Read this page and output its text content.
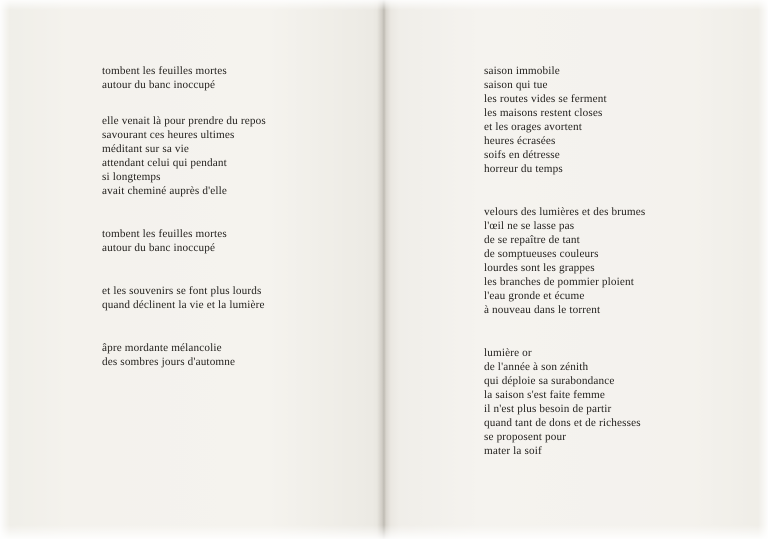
tombent les feuilles mortes
autour du banc inoccupé
elle venait là pour prendre du repos
savourant ces heures ultimes
méditant sur sa vie
attendant celui qui pendant
si longtemps
avait cheminé auprès d'elle
tombent les feuilles mortes
autour du banc inoccupé
et les souvenirs se font plus lourds
quand déclinent la vie et la lumière
âpre mordante mélancolie
des sombres jours d'automne
saison immobile
saison qui tue
les routes vides se ferment
les maisons restent closes
et les orages avortent
heures écrasées
soifs en détresse
horreur du temps
velours des lumières et des brumes
l'œil ne se lasse pas
de se repaître de tant
de somptueuses couleurs
lourdes sont les grappes
les branches de pommier ploient
l'eau gronde et écume
à nouveau dans le torrent
lumière or
de l'année à son zénith
qui déploie sa surabondance
la saison s'est faite femme
il n'est plus besoin de partir
quand tant de dons et de richesses
se proposent pour
mater la soif
